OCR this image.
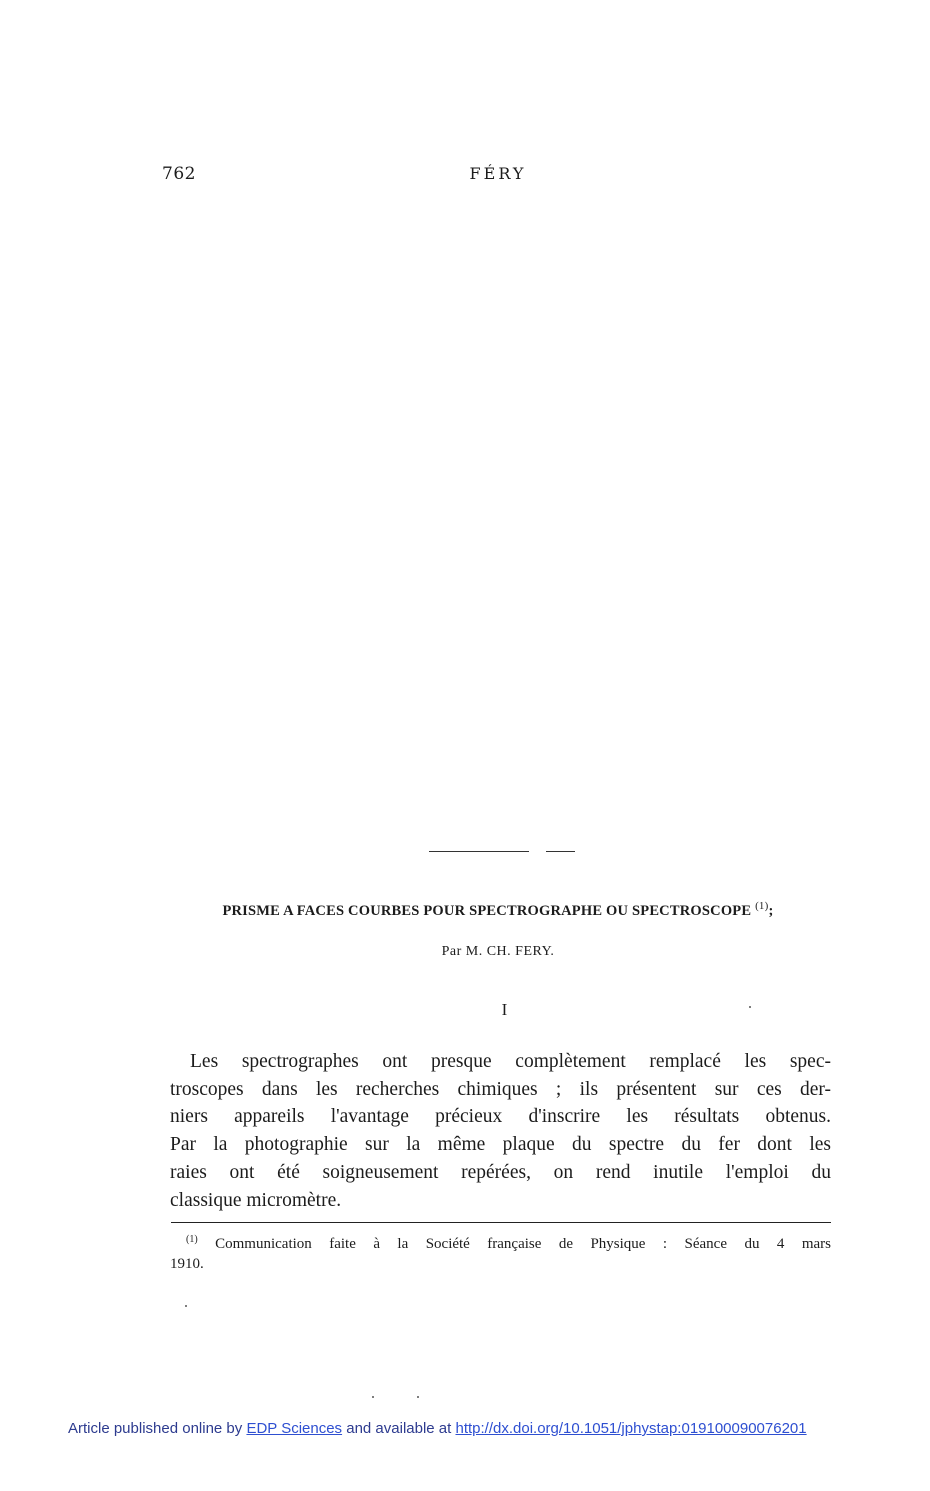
762	FÉRY
PRISME A FACES COURBES POUR SPECTROGRAPHE OU SPECTROSCOPE $^{(1)}$;
Par M. CH. FERY.
I
Les spectrographes ont presque complètement remplacé les spec-
troscopes dans les recherches chimiques ; ils présentent sur ces der-
niers appareils l'avantage précieux d'inscrire les résultats obtenus.
Par la photographie sur la même plaque du spectre du fer dont les
raies ont été soigneusement repérées, on rend inutile l'emploi du
classique micromètre.
$^{(1)}$ Communication faite à la Société française de Physique : Séance du 4 mars
1910.
Article published online by EDP Sciences and available at http://dx.doi.org/10.1051/jphystap:019100090076201
